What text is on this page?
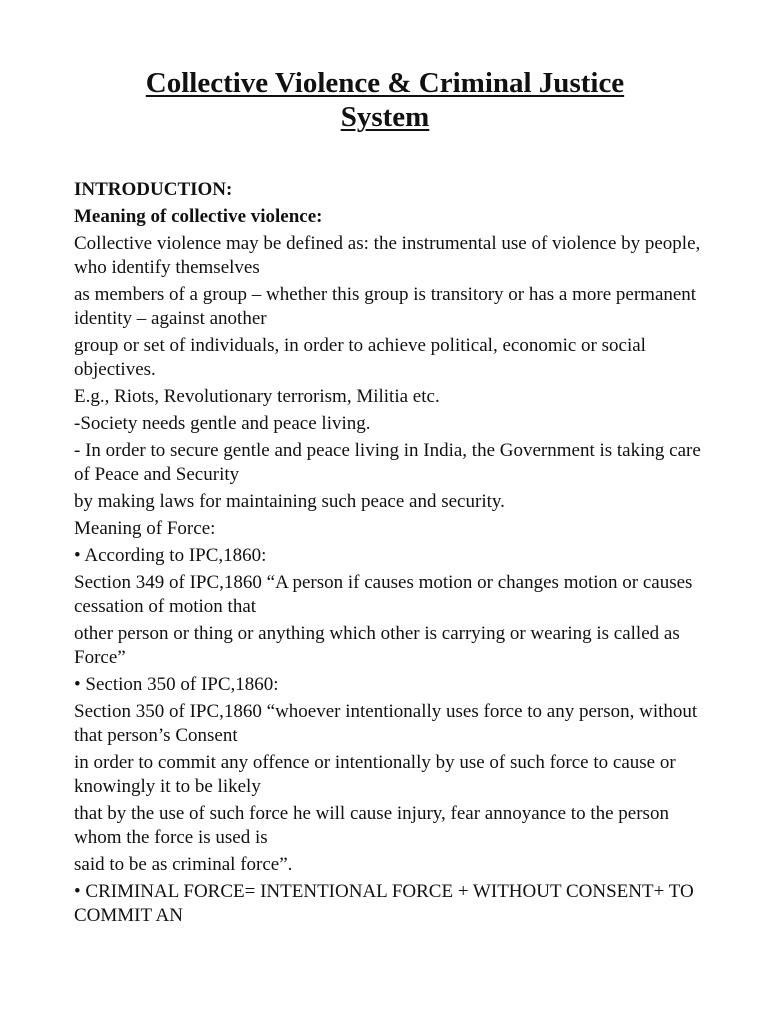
Collective Violence & Criminal Justice
System

INTRODUCTION:

Meaning of collective violence:

Collective violence may be defined as: the instrumental use of violence by people, who identify themselves

as members of a group – whether this group is transitory or has a more permanent identity – against another

group or set of individuals, in order to achieve political, economic or social objectives.

E.g., Riots, Revolutionary terrorism, Militia etc.

-Society needs gentle and peace living.

- In order to secure gentle and peace living in India, the Government is taking care of Peace and Security

by making laws for maintaining such peace and security.

Meaning of Force:

• According to IPC,1860:

Section 349 of IPC,1860 “A person if causes motion or changes motion or causes cessation of motion that

other person or thing or anything which other is carrying or wearing is called as Force”

• Section 350 of IPC,1860:

Section 350 of IPC,1860 “whoever intentionally uses force to any person, without that person’s Consent

in order to commit any offence or intentionally by use of such force to cause or knowingly it to be likely

that by the use of such force he will cause injury, fear annoyance to the person whom the force is used is

said to be as criminal force”.

• CRIMINAL FORCE= INTENTIONAL FORCE + WITHOUT CONSENT+ TO COMMIT AN
